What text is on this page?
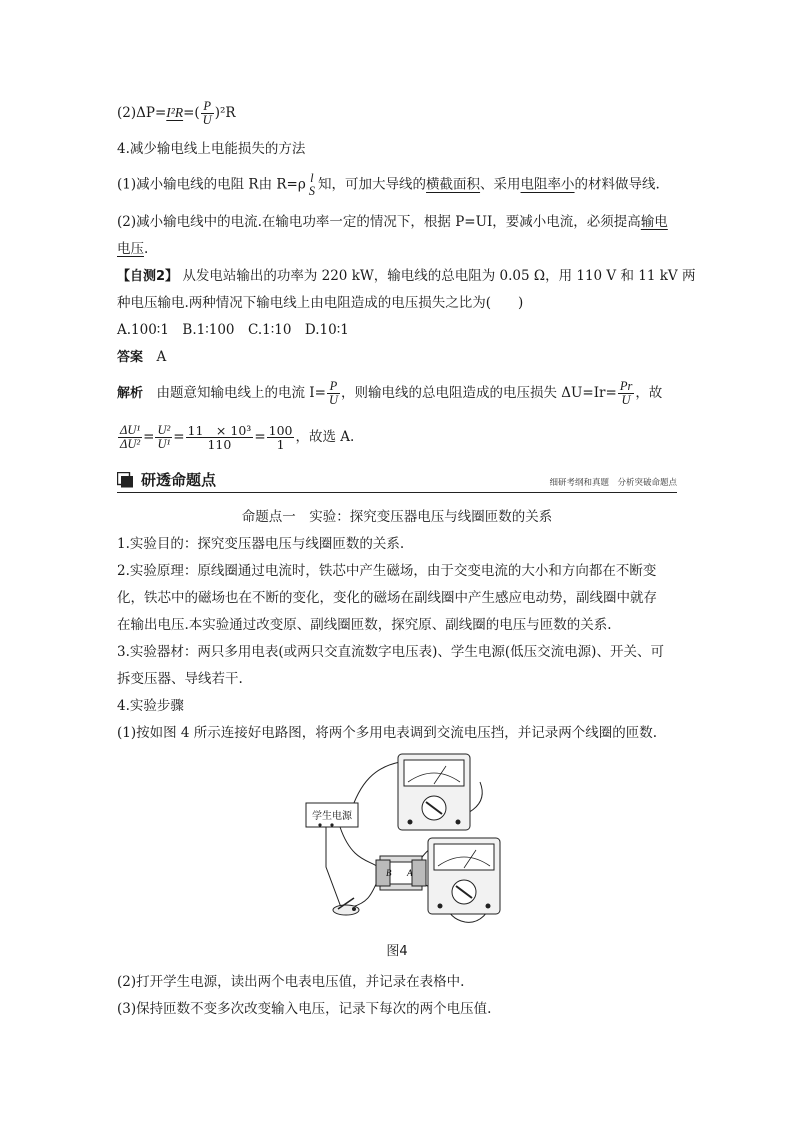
$(2)\Delta P=I^2R=( \frac{P}{U} )^2R$
4.减少输电线上电能损失的方法
(1)减小输电线的电阻 R由 R=ρ l
S 知，可加大导线的横截面积、采用电阻率小的材料做导线.
(2)减小输电线中的电流.在输电功率一定的情况下，根据 P=UI，要减小电流，必须提高输电
电压.
【自测2】 从发电站输出的功率为 220 kW，输电线的总电阻为 0.05 Ω，用 110 V 和 11 kV 两
种电压输电.两种情况下输电线上由电阻造成的电压损失之比为(　　)
A.100∶1　B.1∶100　C.1∶10　D.10∶1
答案　A
解析　由题意知输电线上的电流 $I= \frac{P}{U}$ ，则输电线的总电阻造成的电压损失 $\Delta U=Ir= \frac{Pr}{U}$ ，故
$\frac{\text{ΔU¹}}{\text{ΔU²}} = \frac{\text{U²}}{\text{U¹}} = \frac{\text{11　× 10³}}{110} = \frac{100}{1}$ ，故选 A.
研透命题点	细研考纲和真题　分析突破命题点
命题点一　实验：探究变压器电压与线圈匝数的关系
1.实验目的：探究变压器电压与线圈匝数的关系.
2.实验原理：原线圈通过电流时，铁芯中产生磁场，由于交变电流的大小和方向都在不断变
化，铁芯中的磁场也在不断的变化，变化的磁场在副线圈中产生感应电动势，副线圈中就存
在输出电压.本实验通过改变原、副线圈匝数，探究原、副线圈的电压与匝数的关系.
3.实验器材：两只多用电表(或两只交直流数字电压表)、学生电源(低压交流电源)、开关、可
拆变压器、导线若干.
4.实验步骤
(1)按如图 4 所示连接好电路图，将两个多用电表调到交流电压挡，并记录两个线圈的匝数.
学生电源
B A
图4
(2)打开学生电源，读出两个电表电压值，并记录在表格中.
(3)保持匝数不变多次改变输入电压，记录下每次的两个电压值.
